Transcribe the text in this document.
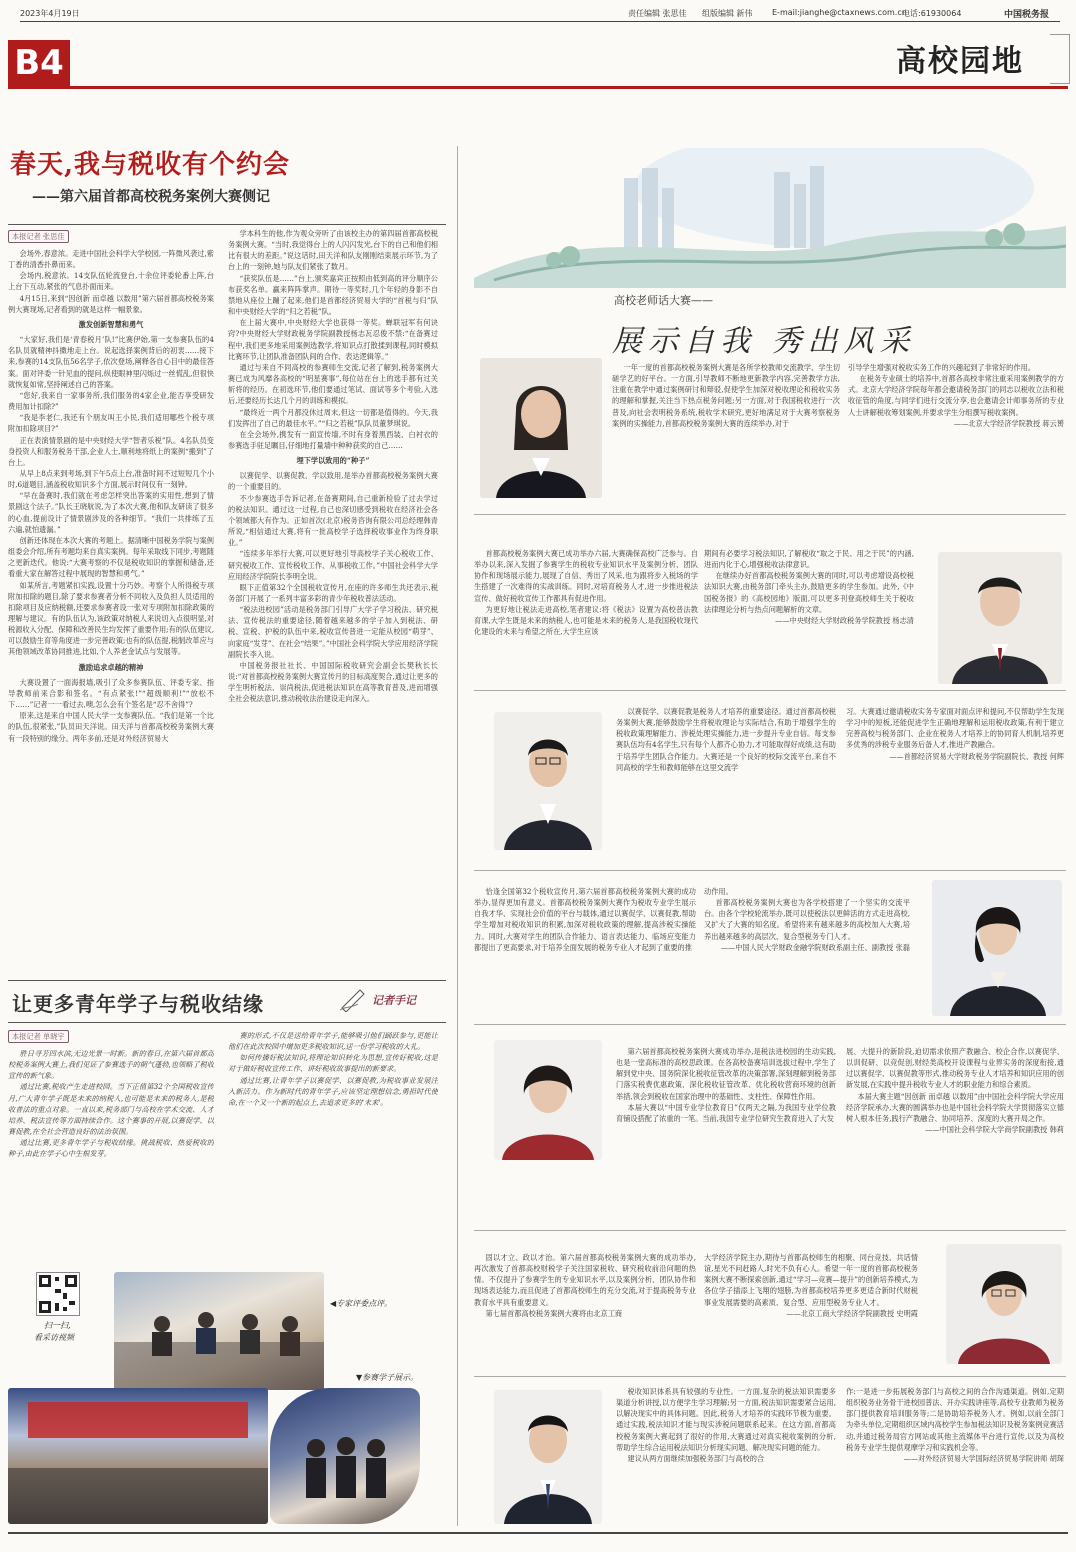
2023年4月19日	责任编辑 张思佳 组版编辑 新伟 E-mail:jianghe@ctaxnews.com.cn
电话:61930064	中国税务报
B4	高校园地
春天,我与税收有个约会
——第六届首都高校税务案例大赛侧记
本报记者 张思佳

会场外,春意浓。走进中国社会科学大学校园,一阵微风袭过,紫丁香的清香扑鼻而来。

会场内,税意浓。14支队伍轮流登台,十余位评委轮番上阵,台上台下互动,紧张的气息扑面而来。

4月15日,来到“因创新 而卓越 以数用”第六届首都高校税务案例大赛现场,记者看到的就是这样一幅景象。

激发创新智慧和勇气

“大家好,我们是‘青春税月’队!”比赛伊始,第一支参赛队伍的4名队员就精神抖擞地走上台。说起选择案例背后的初衷……接下来,参赛的14支队伍56名学子,依次登场,阐释各自心目中的最佳答案。面对评委一针见血的提问,纵使眼神里闪烁过一丝慌乱,但很快就恢复如常,坚持阐述自己的答案。

“您好,我来自一家事务所,我们服务的4家企业,能否享受研发费用加计扣除?”

“我是李老仁,我还有个朋友叫王小民,我们适用哪些个税专项附加扣除项目?”

正在表演情景剧的是中央财经大学“智者乐税”队。4名队员变身投资人和服务税务干部,企业人士,顺利地将纸上的案例“搬到”了台上。

从早上8点来到考场,到下午5点上台,准备时间不过短短几个小时,6道题目,涵盖税收知识多个方面,展示时间仅有一刻钟。

“早在备赛时,我们就在考虑怎样突出答案的实用性,想到了情景剧这个法子。”队长王晓航说,为了本次大赛,他和队友研读了很多的心血,提前设计了情景剧涉及的各种细节。“我们一共排练了五六遍,就怕遗漏。”

创新还体现在本次大赛的考题上。据清晰中国税务学院与案例组委会介绍,所有考题均来自真实案例。每年采取线下同步,考题随之更新迭代。他说:“大赛考察的不仅是税收知识的掌握和储备,还看重大家在解答过程中展现的智慧和勇气。”

如某所言,考题紧扣实践,设置十分巧妙。考察个人所得税专项附加扣除的题目,除了要求参赛者分析不同收入及负担人员适用的扣除项目及应纳税额,还要求参赛者设一张对专项附加扣除政策的理解与建议。有的队伍认为,该政策对纳税人来说切入点很明显,对税源收入分配、保障和改善民生均发挥了重要作用;有的队伍建议,可以鼓励生育等角度进一步完善政策;也有的队伍提,税制改革应与其他领域改革协同推进,比如,个人养老金试点与发展等。

激励追求卓越的精神

大赛设置了一面海报墙,吸引了众多参赛队伍、评委专家、指导教师前来合影和签名。“有点紧张!”“超级顺利!”“放松不下……”记者一一看过去,噢,怎么会有个签名是“忍不舍得”?

原来,这是来自中国人民大学一支参赛队伍。“我们是第一个比的队伍,很紧张,”队员田天洋说。田天洋与首都高校税务案例大赛有一段特别的缘分。两年多前,还是对外经济贸易大

学本科生的他,作为观众旁听了由该校主办的第四届首都高校税务案例大赛。“当时,我觉得台上的人闪闪发光,台下的自己和他们相比有很大的差距。”说这话时,田天洋和队友刚刚结束展示环节,为了台上的一刻钟,她与队友们紧张了数月。

“获奖队伍是……”台上,颁奖嘉宾正按照由低到高的评分顺序公布获奖名单。赢来阵阵掌声。期待一等奖时,几个年轻的身影不自禁地从座位上蹦了起来,他们是首都经济贸易大学的“首税与归”队和中央财经大学的“归之若税”队。

在上届大赛中,中央财经大学也获得一等奖。蝉联冠军有何诀窍?中央财经大学财政税务学院副教授杨志瓦忍俊不禁:“在备赛过程中,我们更多地采用案例选教学,将知识点打散揉到课程,同时模拟比赛环节,让团队准备团队间的合作、表达逻辑等。”

通过与来自不同高校的参赛师生交流,记者了解到,税务案例大赛已成为风靡各高校的“明星赛事”,每位站在台上的选手都有过关斩将的经历。在初选环节,他们要通过笔试、面试等多个考验,入选后,还要经历长达几个月的训练和模拟。

“最终近一两个月都没休过周末,但这一切都是值得的。今天,我们发挥出了自己的最佳水平。”“归之若税”队队员董梦琪说。

在全会场外,携发有一面宣传墙,不时有身着黑西装、白衬衣的参赛选手驻足瞩目,仔细地打量墙中种种获奖的自己……

埋下学以致用的“种子”

以赛促学、以赛促教、学以致用,是举办首都高校税务案例大赛的一个重要目的。

不少参赛选手告诉记者,在备赛期间,自己重新检验了过去学过的税法知识。通过这一过程,自己也深切感受到税收在经济社会各个领域都大有作为。正如首次(北京)税务咨询有限公司总经理韩青所说,“相信通过大赛,将有一批高校学子选择税收事业作为终身职业。”

“连续多年举行大赛,可以更好地引导高校学子关心税收工作、研究税收工作、宣传税收工作、从事税收工作。”中国社会科学大学应用经济学院院长李明全说。

眼下正值第32个全国税收宣传月,在座的许多师生共还表示,税务部门开展了一系列丰富多彩的青少年税收普法活动。

“税法进校园”活动是税务部门引导广大学子学习税法、研究税法、宣传税法的重要途径,随着越来越多的学子加入到税法、研税、宣税、护税的队伍中来,税收宣传普进一定能从校园“萌芽”、向家庭“发芽”、在社会“结果”。”中国社会科学院大学应用经济学院副院长李入说。

中国税务报社社长、中国国际税收研究会副会长樊秋长长说:“对首都高校税务案例大赛宣传月的目标高度契合,通过让更多的学生明析税法、崇尚税法,促进税法知识在高等教育普及,进而增强全社会税法意识,推动税收法治建设走向深入。

让更多青年学子与税收结缘	记者手记
本报记者 单晓宇

胜日寻芳四水滨,无边光景一时新。新的春日,在第六届首都高校税务案例大赛上,我们见证了参赛选手的朝气蓬勃,也领略了税收宣传的新气象。

通过比赛,税收产生走进校园。当下正值第32个全国税收宣传月,广大青年学子既是未来的纳税人,也可能是未来的税务人,是税收普法的重点对象。一直以来,税务部门与高校在学术交流、人才培养、税法宣传等方面持续合作。这个赛事的开展,以赛促学、以赛促教,在全社会营造良好的法治氛围。

通过比赛,更多青年学子与税收结缘。挑战税收、热爱税收的种子,由此在学子心中生根发芽。

赛的形式,不仅是送给青年学子,能够吸引他们踊跃参与,更能让他们在此次校园中增加更多税收知识,送一份学习税收的大礼。

如何传播好税法知识,将理论知识转化为思想,宣传好税收,这是对于做好税收宣传工作、讲好税收故事提出的新要求。

通过比赛,让青年学子以赛促学、以赛促教,为税收事业发展注入新活力。作为新时代的青年学子,应该坚定理想信念,勇担时代使命,在一个又一个新的起点上,去追求更多的'未来'。

扫一扫,
看采访视频
◀专家评委点评。
▼参赛学子展示。
高校老师话大赛——
展示自我 秀出风采

一年一度的首都高校税务案例大赛是各所学校教师交流教学、学生切磋学艺的好平台。一方面,引导教师不断地更新教学内容,完善教学方法,注重在教学中通过案例研讨和辩驳,促使学生加深对税收理论和税收实务的理解和掌握,关注当下热点税务问题;另一方面,对于我国税收进行一次普及,向社会表明税务系统,税收学术研究,更好地满足对于大赛考察税务案例的实操能力,首都高校税务案例大赛的连续举办,对于

引导学生增强对税收实务工作的兴趣起到了非常好的作用。

在税务专业硕士的培养中,首都各高校非常注重采用案例教学的方式。北京大学经济学院每年都会邀请税务部门的同志以税收立法和税收征管的角度,与同学们进行交流分享,也会邀请会计师事务所的专业人士讲解税收筹划案例,并要求学生分组撰写税收案例。

——北京大学经济学院教授 蒋云赟

首都高校税务案例大赛已成功举办六届,大赛确保高校广泛参与。自举办以来,深入发掘了参赛学生的税收专业知识水平及案例分析、团队协作和现场展示能力,展现了自信、秀出了风采,也为跟将步入税场的学生搭建了一次难得的实战训练。同时,对培育税务人才,进一步推进税法宣传、做好税收宣传工作都具有促进作用。

为更好地让税法走进高校,笔者建议:将《税法》设置为高校普法教育课,大学生既是未来的纳税人,也可能是未来的税务人,是我国税收现代化建设的未来与希望之所在,大学生应该

期间有必要学习税法知识,了解税收“取之于民、用之于民”的内涵,进而内化于心,增强税收法律意识。

在继续办好首都高校税务案例大赛的同时,可以考虑增设高校税法知识大赛,由税务部门牵头主办,鼓励更多的学生参加。此外,《中国税务报》的《高校园地》版面,可以更多刊登高校师生关于税收法律理论分析与热点问题解析的文章。

——中央财经大学财政税务学院教授 杨志清

以赛促学、以赛促教是税务人才培养的重要途径。通过首都高校税务案例大赛,能够鼓励学生将税收理论与实际结合,有助于增强学生的税收政策理解能力、涉税处理实操能力,进一步提升专业自信。每支参赛队伍均有4名学生,只有每个人都齐心协力,才可能取得好成绩,这有助于培养学生团队合作能力。大赛还是一个良好的校际交流平台,来自不同高校的学生和教师能够在这里交流学

习。大赛通过邀请税收实务专家面对面点评和提问,不仅帮助学生发现学习中的短板,还能促进学生正确地理解和运用税收政策,有利于建立完善高校与税务部门、企业在税务人才培养上的协同育人机制,培养更多优秀的涉税专业服务后备人才,推进产教融合。

——首都经济贸易大学财政税务学院副院长、教授 何辉

恰逢全国第32个税收宣传月,第六届首都高校税务案例大赛的成功举办,显得更加有意义。首都高校税务案例大赛作为税收专业学生展示自我才华、实现社会价值的平台与载体,通过以赛促学、以赛促教,帮助学生增加对税收知识的积累,加深对税收政策的理解,提高涉税实操能力。同时,大赛对学生的团队合作能力、语言表达能力、临场应变能力都提出了更高要求,对于培养全面发展的税务专业人才起到了重要的推

动作用。

首都高校税务案例大赛也为各学校搭建了一个坚实的交流平台。由各个学校轮流举办,既可以使税法以更鲜活的方式走进高校,又扩大了大赛的知名度。希望将来有越来越多的高校加入大赛,培养出越来越多的高层次、复合型税务专门人才。

——中国人民大学财政金融学院财政系副主任、副教授 张磊

第六届首都高校税务案例大赛成功举办,是税法进校园的生动实践,也是一堂高标准的高校思政课。在各高校备赛培训选拔过程中,学生了解到党中央、国务院深化税收征管改革的决策部署,深刻理解到税务部门落实税费优惠政策、深化税收征管改革、优化税收营商环境的创新举措,领会到税收在国家治理中的基础性、支柱性、保障性作用。

本届大赛以“中国专业学位教育日”仅两天之隔,为我国专业学位教育铺设搭配了浓重的一笔。当前,我国专业学位研究生教育进入了大发

展、大提升的新阶段,迫切需求依照产教融合、校企合作,以赛促学、以训促研、以竞促创,财经类高校开设课程与业界实务的深度衔接,通过以赛促学、以赛促教等形式,推动税务专业人才培养和知识应用的创新发展,在实践中提升税收专业人才的职业能力和综合素质。

本届大赛主题“因创新 而卓越 以数用”由中国社会科学院大学应用经济学院承办,大赛的圆满举办也是中国社会科学院大学贯彻落实立德树人根本任务,践行产教融合、协同培养、深度的大赛开局之作。

——中国社会科学院大学商学院副教授 韩莉

固以才立、政以才治。第六届首都高校税务案例大赛的成功举办,再次激发了首都高校财税学子关注国家税收、研究税收前沿问题的热情。不仅提升了参赛学生的专业知识水平,以及案例分析、团队协作和现场表达能力,而且促进了首都高校师生的充分交流,对于提高税务专业教育水平具有重要意义。

第七届首都高校税务案例大赛将由北京工商

大学经济学院主办,期待与首都高校师生的相聚、同台竞技、共话情谊,星光不问赶路人,时光不负有心人。希望一年一度的首都高校税务案例大赛不断探索创新,通过“学习—竞赛—提升”的创新培养模式,为各位学子插添上飞翔的翅膀,为首都高校培养更多更适合新时代财税事业发展需要的高素质、复合型、应用型税务专业人才。

——北京工商大学经济学院副教授 史明霞

税收知识体系具有较强的专业性。一方面,复杂的税法知识需要多渠道分析讲授,以方便学生学习理解;另一方面,税法知识需要紧合运用,以解决现实中的具体问题。因此,税务人才培养的实践环节极为重要。通过实践,税法知识才能与现实涉税问题联系起来。在这方面,首都高校税务案例大赛起到了很好的作用,大赛通过对真实税收案例的分析,帮助学生综合运用税法知识分析现实问题、解决现实问题的能力。

建议从两方面继续加强税务部门与高校的合

作:一是进一步拓展税务部门与高校之间的合作沟通渠道。例如,定期组织税务业务骨干进校园普法、开办实践讲座等,高校专业教师为税务部门提供教育培训服务等;二是协助培养税务人才。例如,以前全部门为牵头单位,定期组织区域内高校学生参加税法知识及税务案例竞赛活动,并通过税务局官方网站或其他主流媒体平台进行宣传,以及为高校税务专业学生提供观摩学习和实践机会等。

——对外经济贸易大学国际经济贸易学院讲师 胡琛
